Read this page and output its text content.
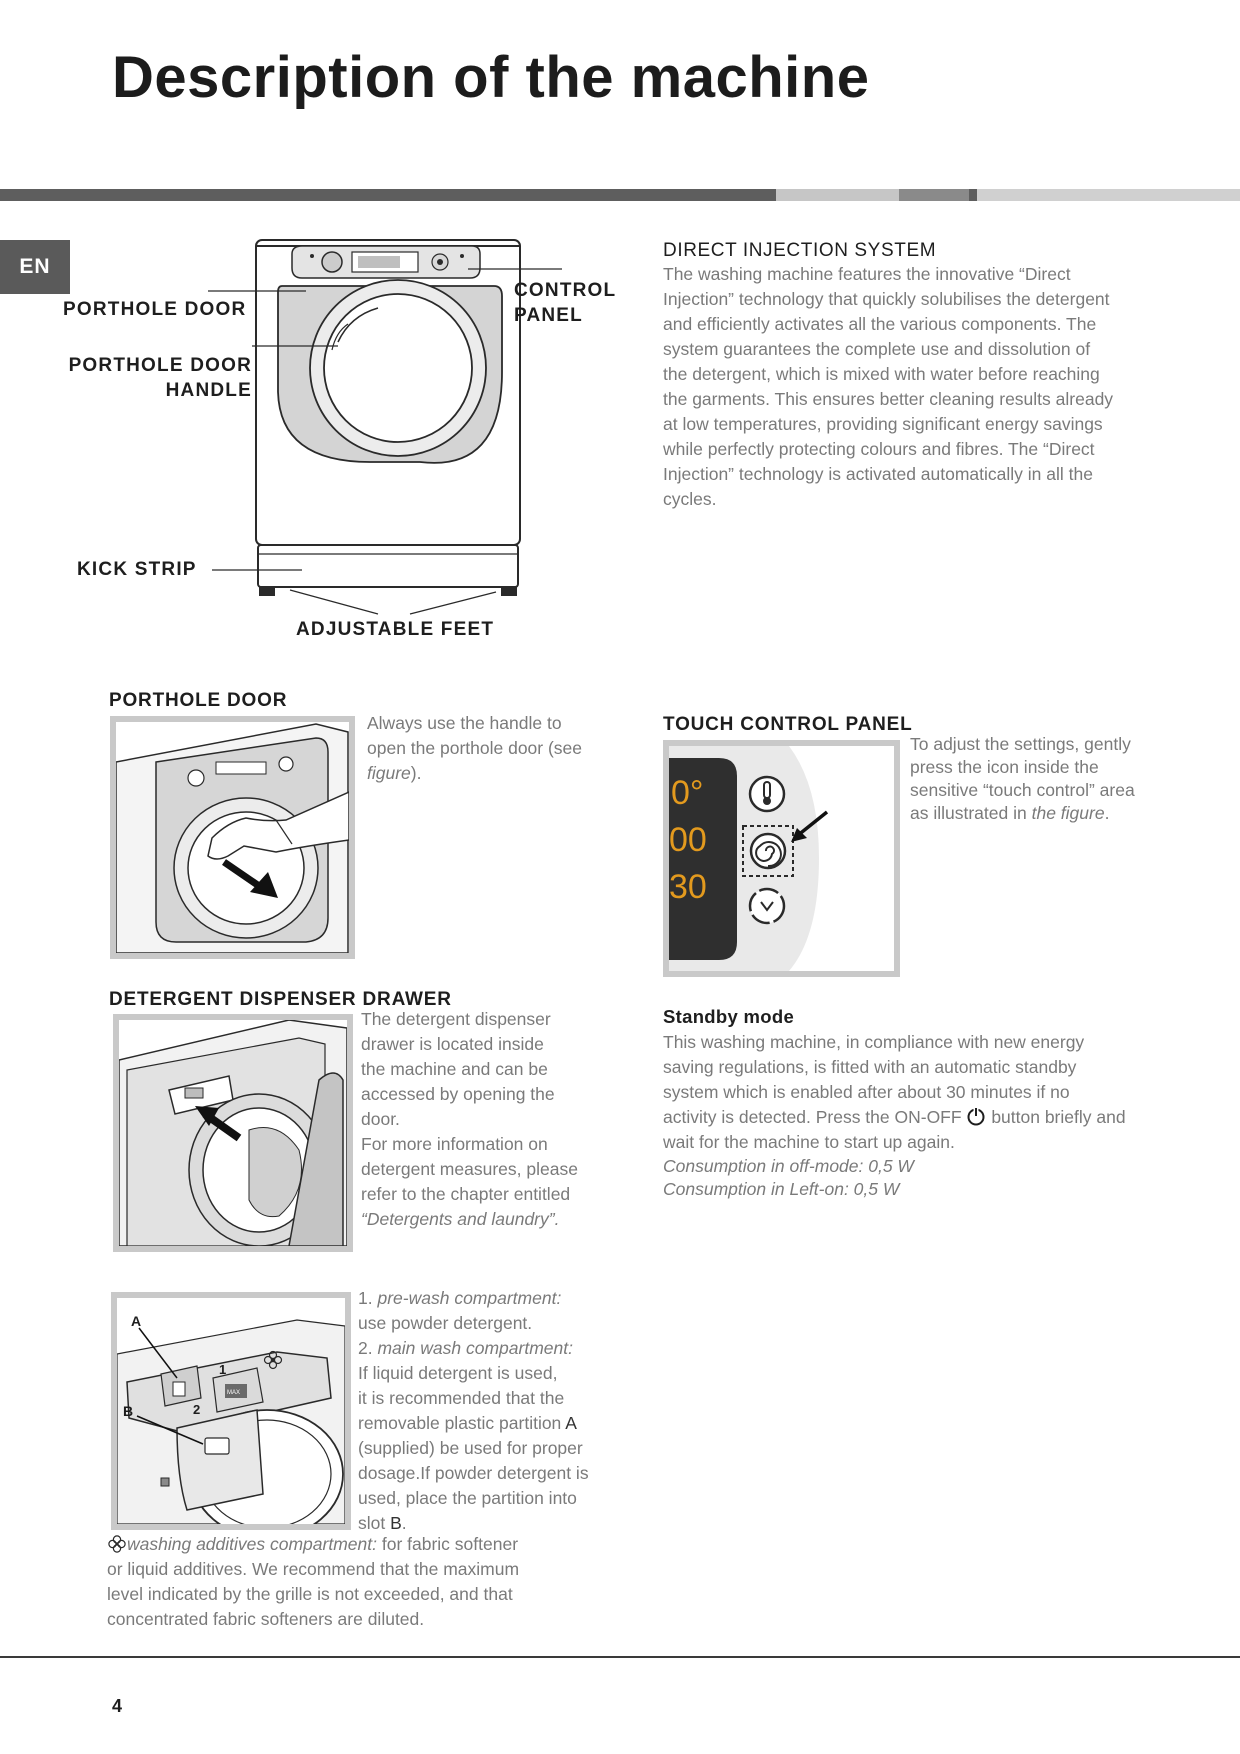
Description of the machine
EN
PORTHOLE DOOR
PORTHOLE DOOR
HANDLE
CONTROL
PANEL
KICK STRIP
ADJUSTABLE FEET
DIRECT INJECTION SYSTEM
The washing machine features the innovative “Direct
Injection” technology that quickly solubilises the detergent
and efficiently activates all the various components. The
system guarantees the complete use and dissolution of
the detergent, which is mixed with water before reaching
the garments. This ensures better cleaning results already
at low temperatures, providing significant energy savings
while perfectly protecting colours and fibres. The “Direct
Injection” technology is activated automatically in all the
cycles.
PORTHOLE DOOR
Always use the handle to
open the porthole door (see
figure).
TOUCH CONTROL PANEL
0°
00
30
To adjust the settings, gently
press the icon inside the
sensitive “touch control” area
as illustrated in the figure.
DETERGENT DISPENSER DRAWER
The detergent dispenser
drawer is located inside
the machine and can be
accessed by opening the
door.
For more information on
detergent measures, please
refer to the chapter entitled
“Detergents and laundry”.
Standby mode
This washing machine, in compliance with new energy
saving regulations, is fitted with an automatic standby
system which is enabled after about 30 minutes if no
activity is detected. Press the ON-OFF button briefly and
wait for the machine to start up again.
Consumption in off-mode: 0,5 W
Consumption in Left-on: 0,5 W
MAX
A
B
1
2
1. pre-wash compartment:
use powder detergent.
2. main wash compartment:
If liquid detergent is used,
it is recommended that the
removable plastic partition A
(supplied) be used for proper
dosage.If powder detergent is
used, place the partition into
slot B.
washing additives compartment: for fabric softener
or liquid additives. We recommend that the maximum
level indicated by the grille is not exceeded, and that
concentrated fabric softeners are diluted.
4
